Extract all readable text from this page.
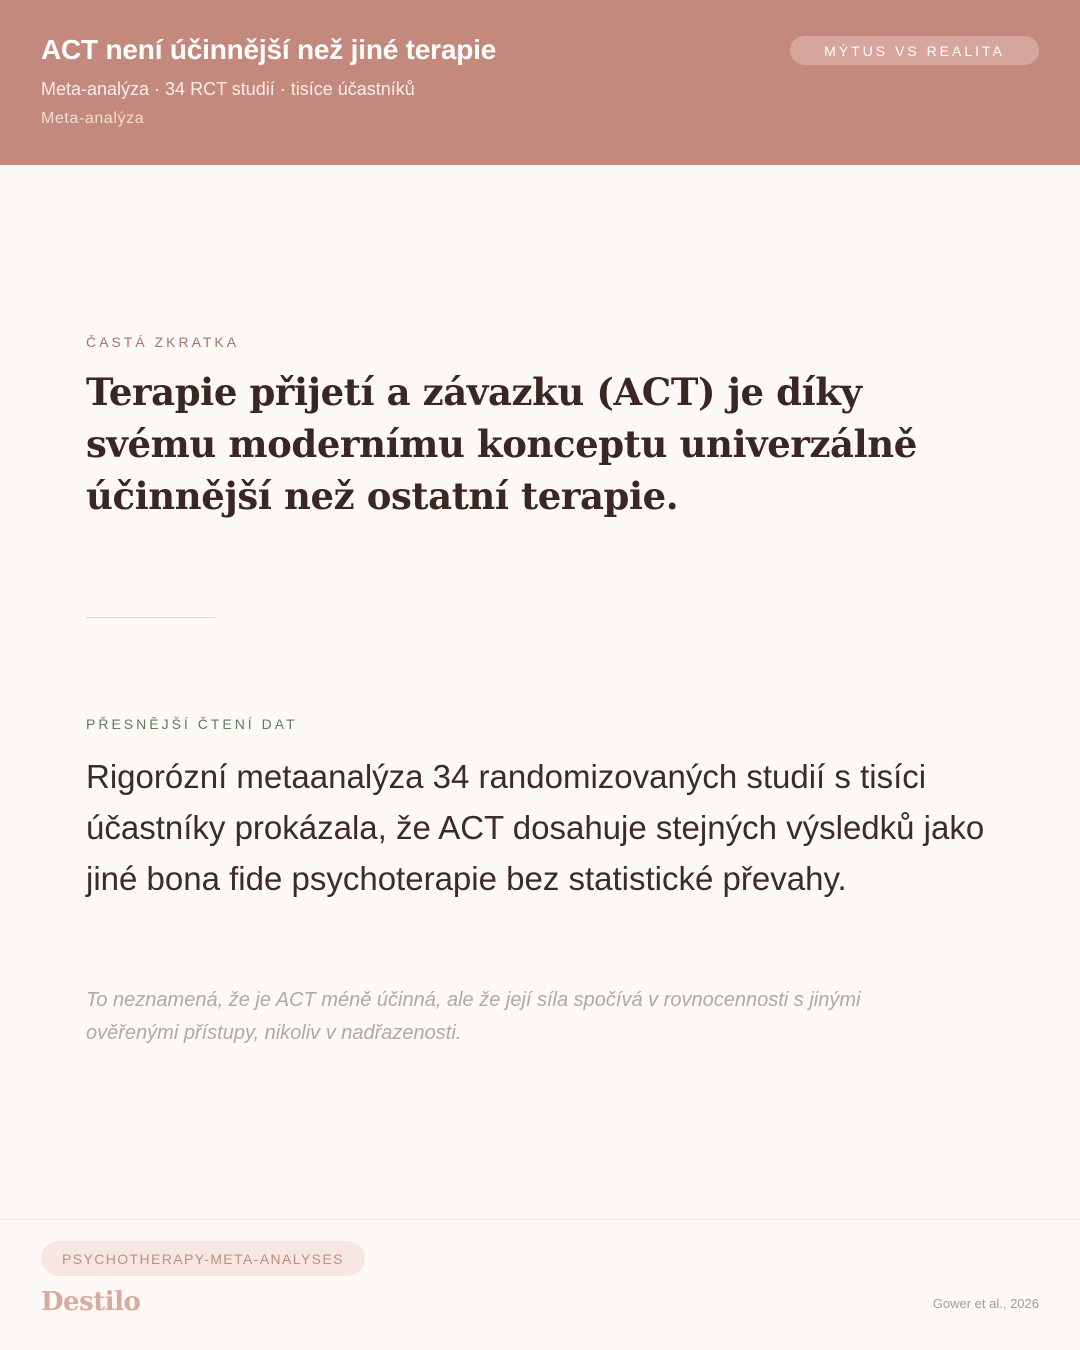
ACT není účinnější než jiné terapie
Meta-analýza · 34 RCT studií · tisíce účastníků
Meta-analýza
MÝTUS VS REALITA
ČASTÁ ZKRATKA
Terapie přijetí a závazku (ACT) je díky svému modernímu konceptu univerzálně účinnější než ostatní terapie.
PŘESNĚJŠÍ ČTENÍ DAT
Rigorózní metaanalýza 34 randomizovaných studií s tisíci účastníky prokázala, že ACT dosahuje stejných výsledků jako jiné bona fide psychoterapie bez statistické převahy.
To neznamená, že je ACT méně účinná, ale že její síla spočívá v rovnocennosti s jinými ověřenými přístupy, nikoliv v nadřazenosti.
PSYCHOTHERAPY-META-ANALYSES
Destilo	Gower et al., 2026
